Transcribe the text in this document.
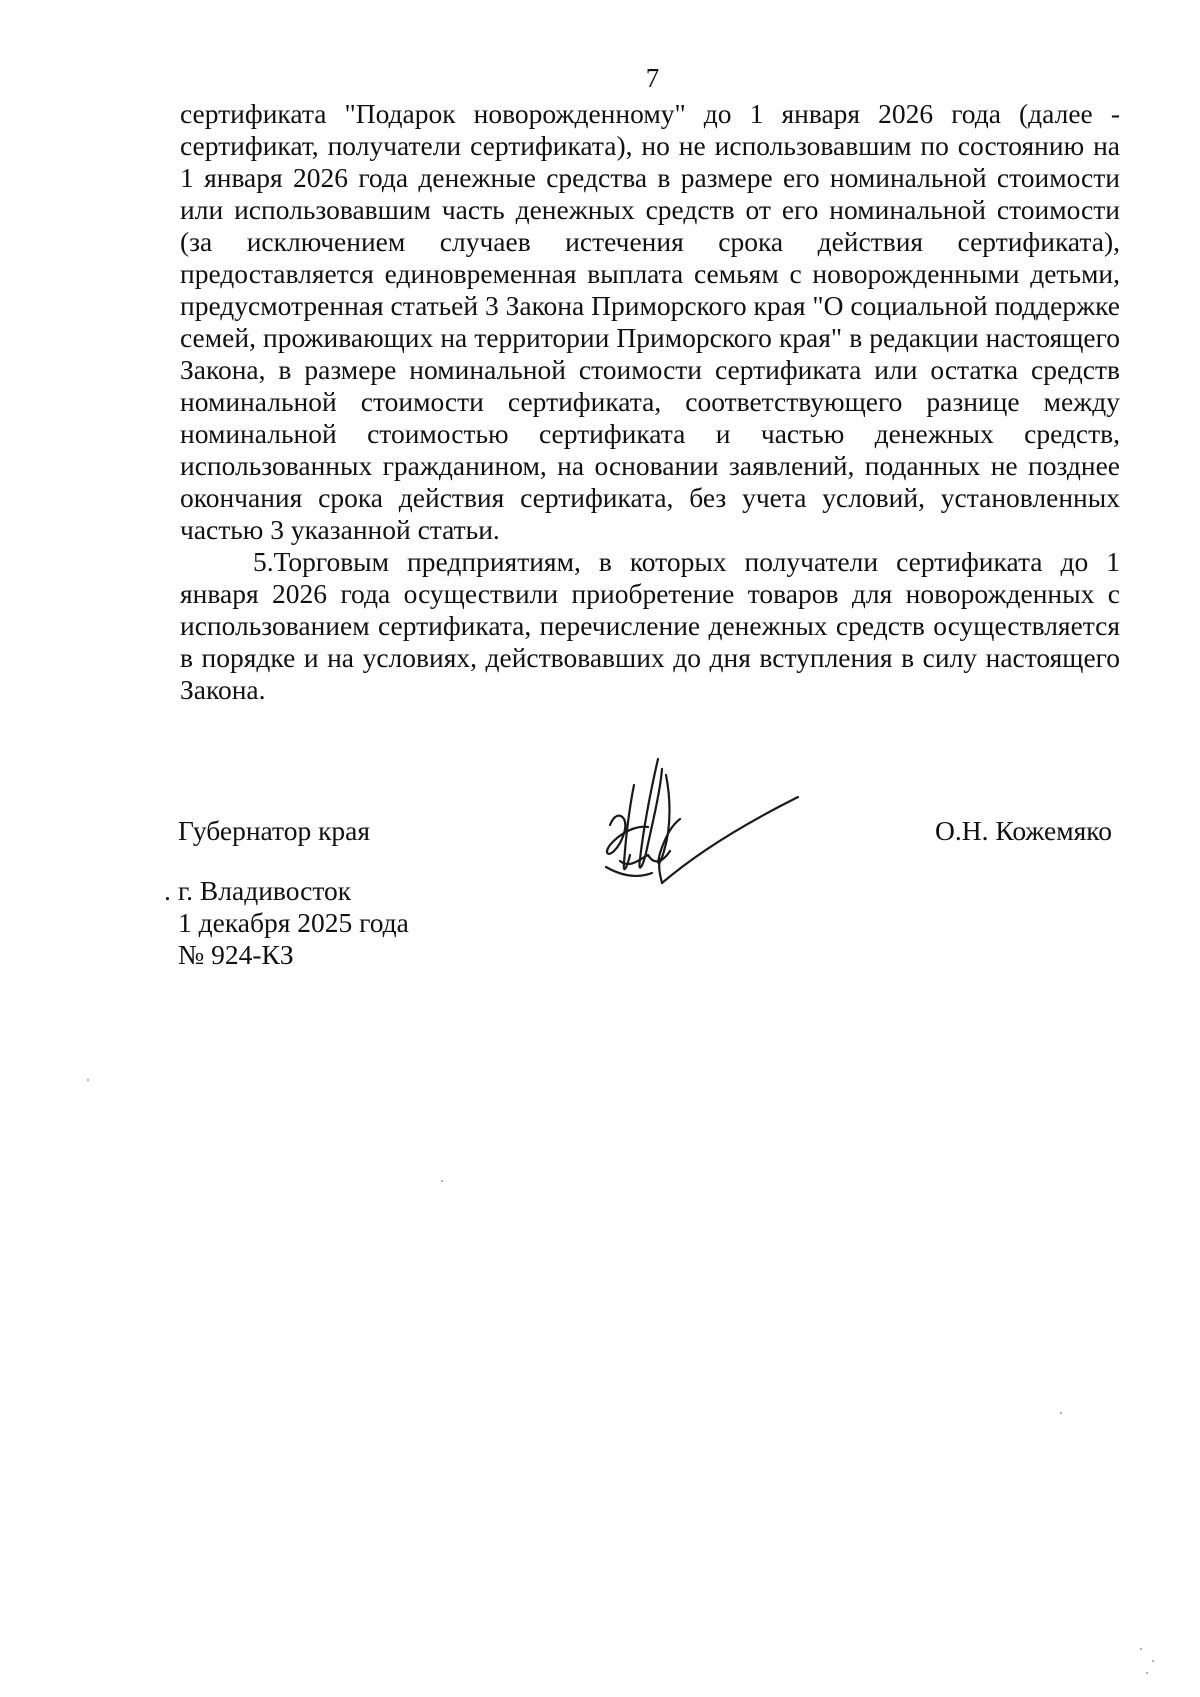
7

сертификата "Подарок новорожденному" до 1 января 2026 года (далее - сертификат, получатели сертификата), но не использовавшим по состоянию на 1 января 2026 года денежные средства в размере его номинальной стоимости или использовавшим часть денежных средств от его номинальной стоимости (за исключением случаев истечения срока действия сертификата), предоставляется единовременная выплата семьям с новорожденными детьми, предусмотренная статьей 3 Закона Приморского края "О социальной поддержке семей, проживающих на территории Приморского края" в редакции настоящего Закона, в размере номинальной стоимости сертификата или остатка средств номинальной стоимости сертификата, соответствующего разнице между номинальной стоимостью сертификата и частью денежных средств, использованных гражданином, на основании заявлений, поданных не позднее окончания срока действия сертификата, без учета условий, установленных частью 3 указанной статьи.

5.Торговым предприятиям, в которых получатели сертификата до 1 января 2026 года осуществили приобретение товаров для новорожденных с использованием сертификата, перечисление денежных средств осуществляется в порядке и на условиях, действовавших до дня вступления в силу настоящего Закона.

Губернатор края	О.Н. Кожемяко
. г. Владивосток
1 декабря 2025 года
№ 924-КЗ
